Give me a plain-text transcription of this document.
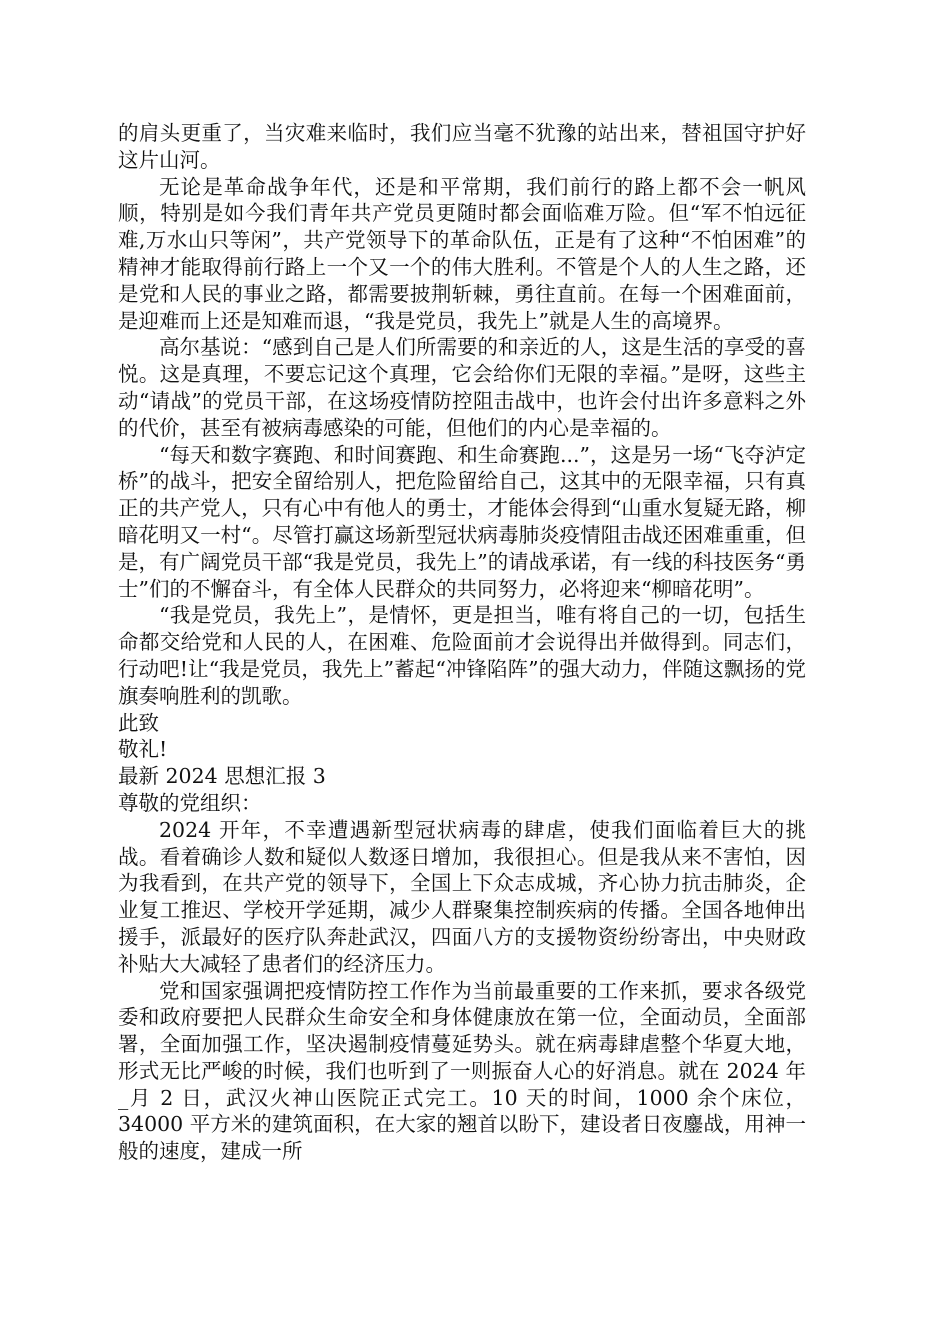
的肩头更重了，当灾难来临时，我们应当毫不犹豫的站出来，替祖国守护好这片山河。

无论是革命战争年代，还是和平常期，我们前行的路上都不会一帆风顺，特别是如今我们青年共产党员更随时都会面临难万险。但“军不怕远征难,万水山只等闲”，共产党领导下的革命队伍，正是有了这种“不怕困难”的精神才能取得前行路上一个又一个的伟大胜利。不管是个人的人生之路，还是党和人民的事业之路，都需要披荆斩棘，勇往直前。在每一个困难面前，是迎难而上还是知难而退，“我是党员，我先上”就是人生的高境界。

高尔基说：“感到自己是人们所需要的和亲近的人，这是生活的享受的喜悦。这是真理，不要忘记这个真理，它会给你们无限的幸福。”是呀，这些主动“请战”的党员干部，在这场疫情防控阻击战中，也许会付出许多意料之外的代价，甚至有被病毒感染的可能，但他们的内心是幸福的。

“每天和数字赛跑、和时间赛跑、和生命赛跑...”，这是另一场“飞夺泸定桥”的战斗，把安全留给别人，把危险留给自己，这其中的无限幸福，只有真正的共产党人，只有心中有他人的勇士，才能体会得到“山重水复疑无路，柳暗花明又一村“。尽管打赢这场新型冠状病毒肺炎疫情阻击战还困难重重，但是，有广阔党员干部“我是党员，我先上”的请战承诺，有一线的科技医务“勇士”们的不懈奋斗，有全体人民群众的共同努力，必将迎来“柳暗花明”。

“我是党员，我先上”，是情怀，更是担当，唯有将自己的一切，包括生命都交给党和人民的人，在困难、危险面前才会说得出并做得到。同志们，行动吧!让“我是党员，我先上”蓄起“冲锋陷阵”的强大动力，伴随这飘扬的党旗奏响胜利的凯歌。

此致

敬礼!

最新 2024 思想汇报 3

尊敬的党组织：

2024 开年，不幸遭遇新型冠状病毒的肆虐，使我们面临着巨大的挑战。看着确诊人数和疑似人数逐日增加，我很担心。但是我从来不害怕，因为我看到，在共产党的领导下，全国上下众志成城，齐心协力抗击肺炎，企业复工推迟、学校开学延期，减少人群聚集控制疾病的传播。全国各地伸出援手，派最好的医疗队奔赴武汉，四面八方的支援物资纷纷寄出，中央财政补贴大大减轻了患者们的经济压力。

党和国家强调把疫情防控工作作为当前最重要的工作来抓，要求各级党委和政府要把人民群众生命安全和身体健康放在第一位，全面动员，全面部署，全面加强工作，坚决遏制疫情蔓延势头。就在病毒肆虐整个华夏大地，形式无比严峻的时候，我们也听到了一则振奋人心的好消息。就在 2024 年_月 2 日，武汉火神山医院正式完工。10 天的时间，1000 余个床位，34000 平方米的建筑面积，在大家的翘首以盼下，建设者日夜鏖战，用神一般的速度，建成一所
